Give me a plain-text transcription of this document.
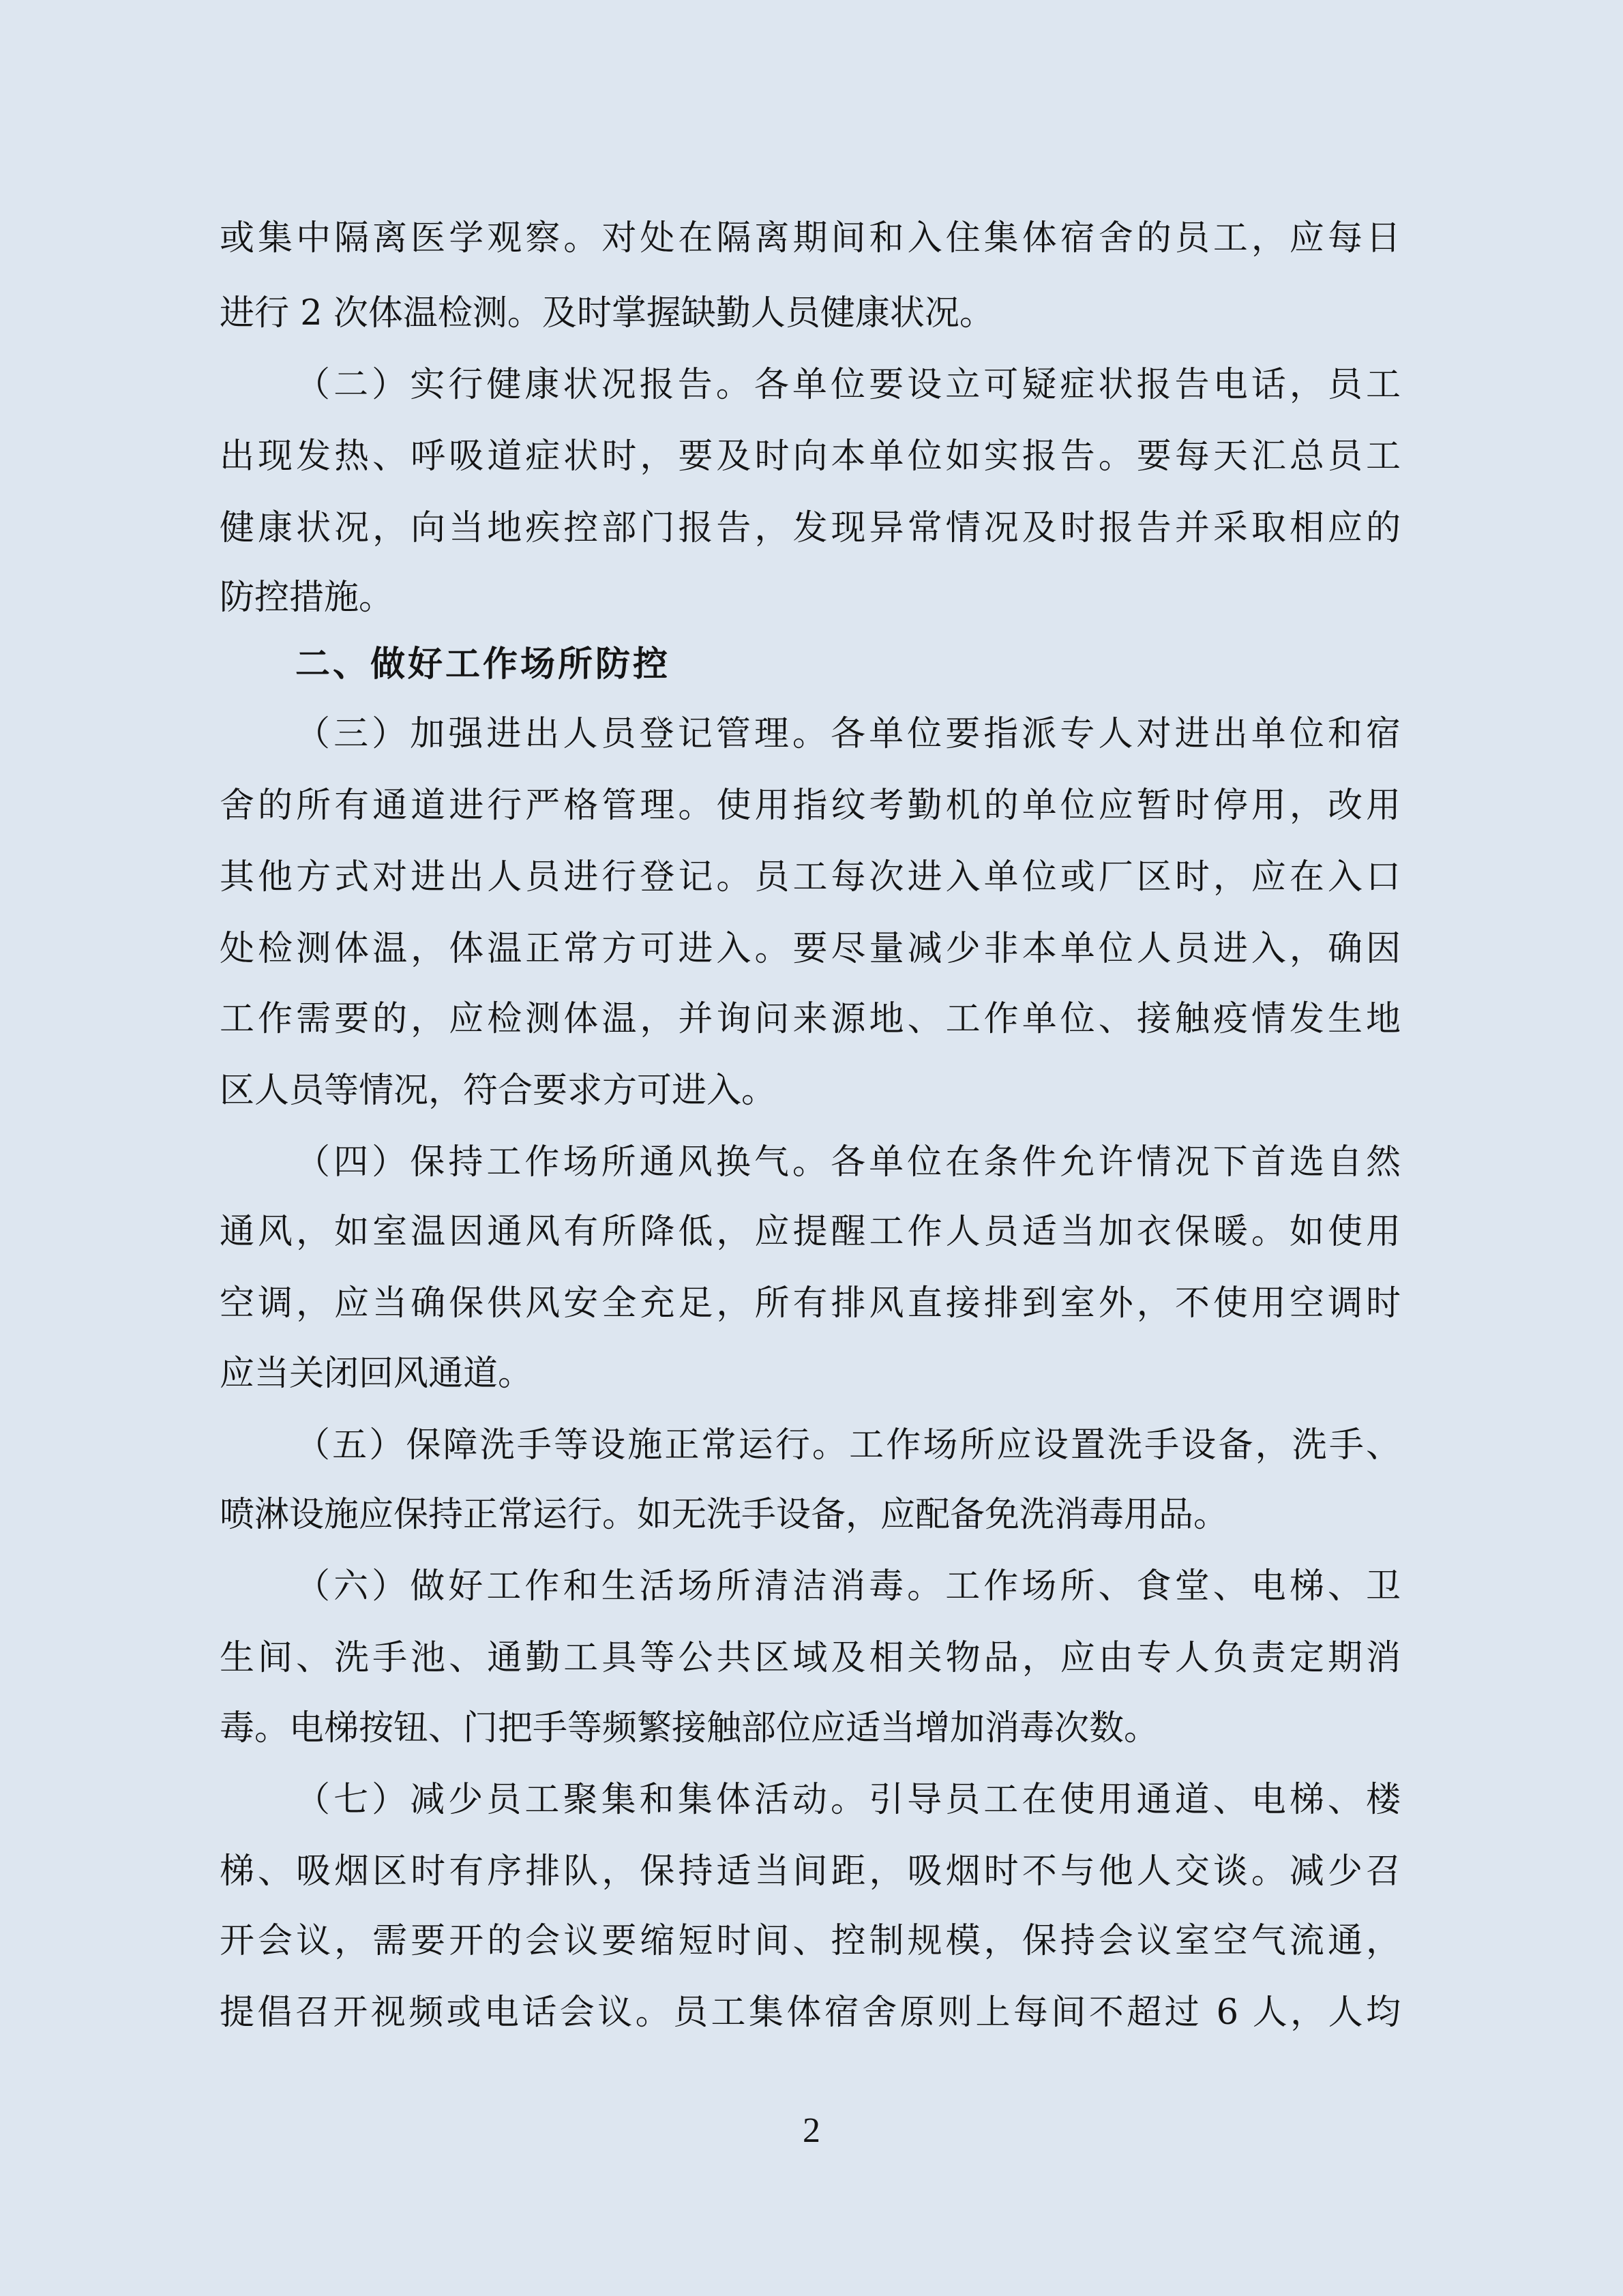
或集中隔离医学观察。对处在隔离期间和入住集体宿舍的员工，应每日
进行 2 次体温检测。及时掌握缺勤人员健康状况。
（二）实行健康状况报告。各单位要设立可疑症状报告电话，员工
出现发热、呼吸道症状时，要及时向本单位如实报告。要每天汇总员工
健康状况，向当地疾控部门报告，发现异常情况及时报告并采取相应的
防控措施。
二、做好工作场所防控
（三）加强进出人员登记管理。各单位要指派专人对进出单位和宿
舍的所有通道进行严格管理。使用指纹考勤机的单位应暂时停用，改用
其他方式对进出人员进行登记。员工每次进入单位或厂区时，应在入口
处检测体温，体温正常方可进入。要尽量减少非本单位人员进入，确因
工作需要的，应检测体温，并询问来源地、工作单位、接触疫情发生地
区人员等情况，符合要求方可进入。
（四）保持工作场所通风换气。各单位在条件允许情况下首选自然
通风，如室温因通风有所降低，应提醒工作人员适当加衣保暖。如使用
空调，应当确保供风安全充足，所有排风直接排到室外，不使用空调时
应当关闭回风通道。
（五）保障洗手等设施正常运行。工作场所应设置洗手设备，洗手、
喷淋设施应保持正常运行。如无洗手设备，应配备免洗消毒用品。
（六）做好工作和生活场所清洁消毒。工作场所、食堂、电梯、卫
生间、洗手池、通勤工具等公共区域及相关物品，应由专人负责定期消
毒。电梯按钮、门把手等频繁接触部位应适当增加消毒次数。
（七）减少员工聚集和集体活动。引导员工在使用通道、电梯、楼
梯、吸烟区时有序排队，保持适当间距，吸烟时不与他人交谈。减少召
开会议，需要开的会议要缩短时间、控制规模，保持会议室空气流通，
提倡召开视频或电话会议。员工集体宿舍原则上每间不超过 6 人，人均
2
